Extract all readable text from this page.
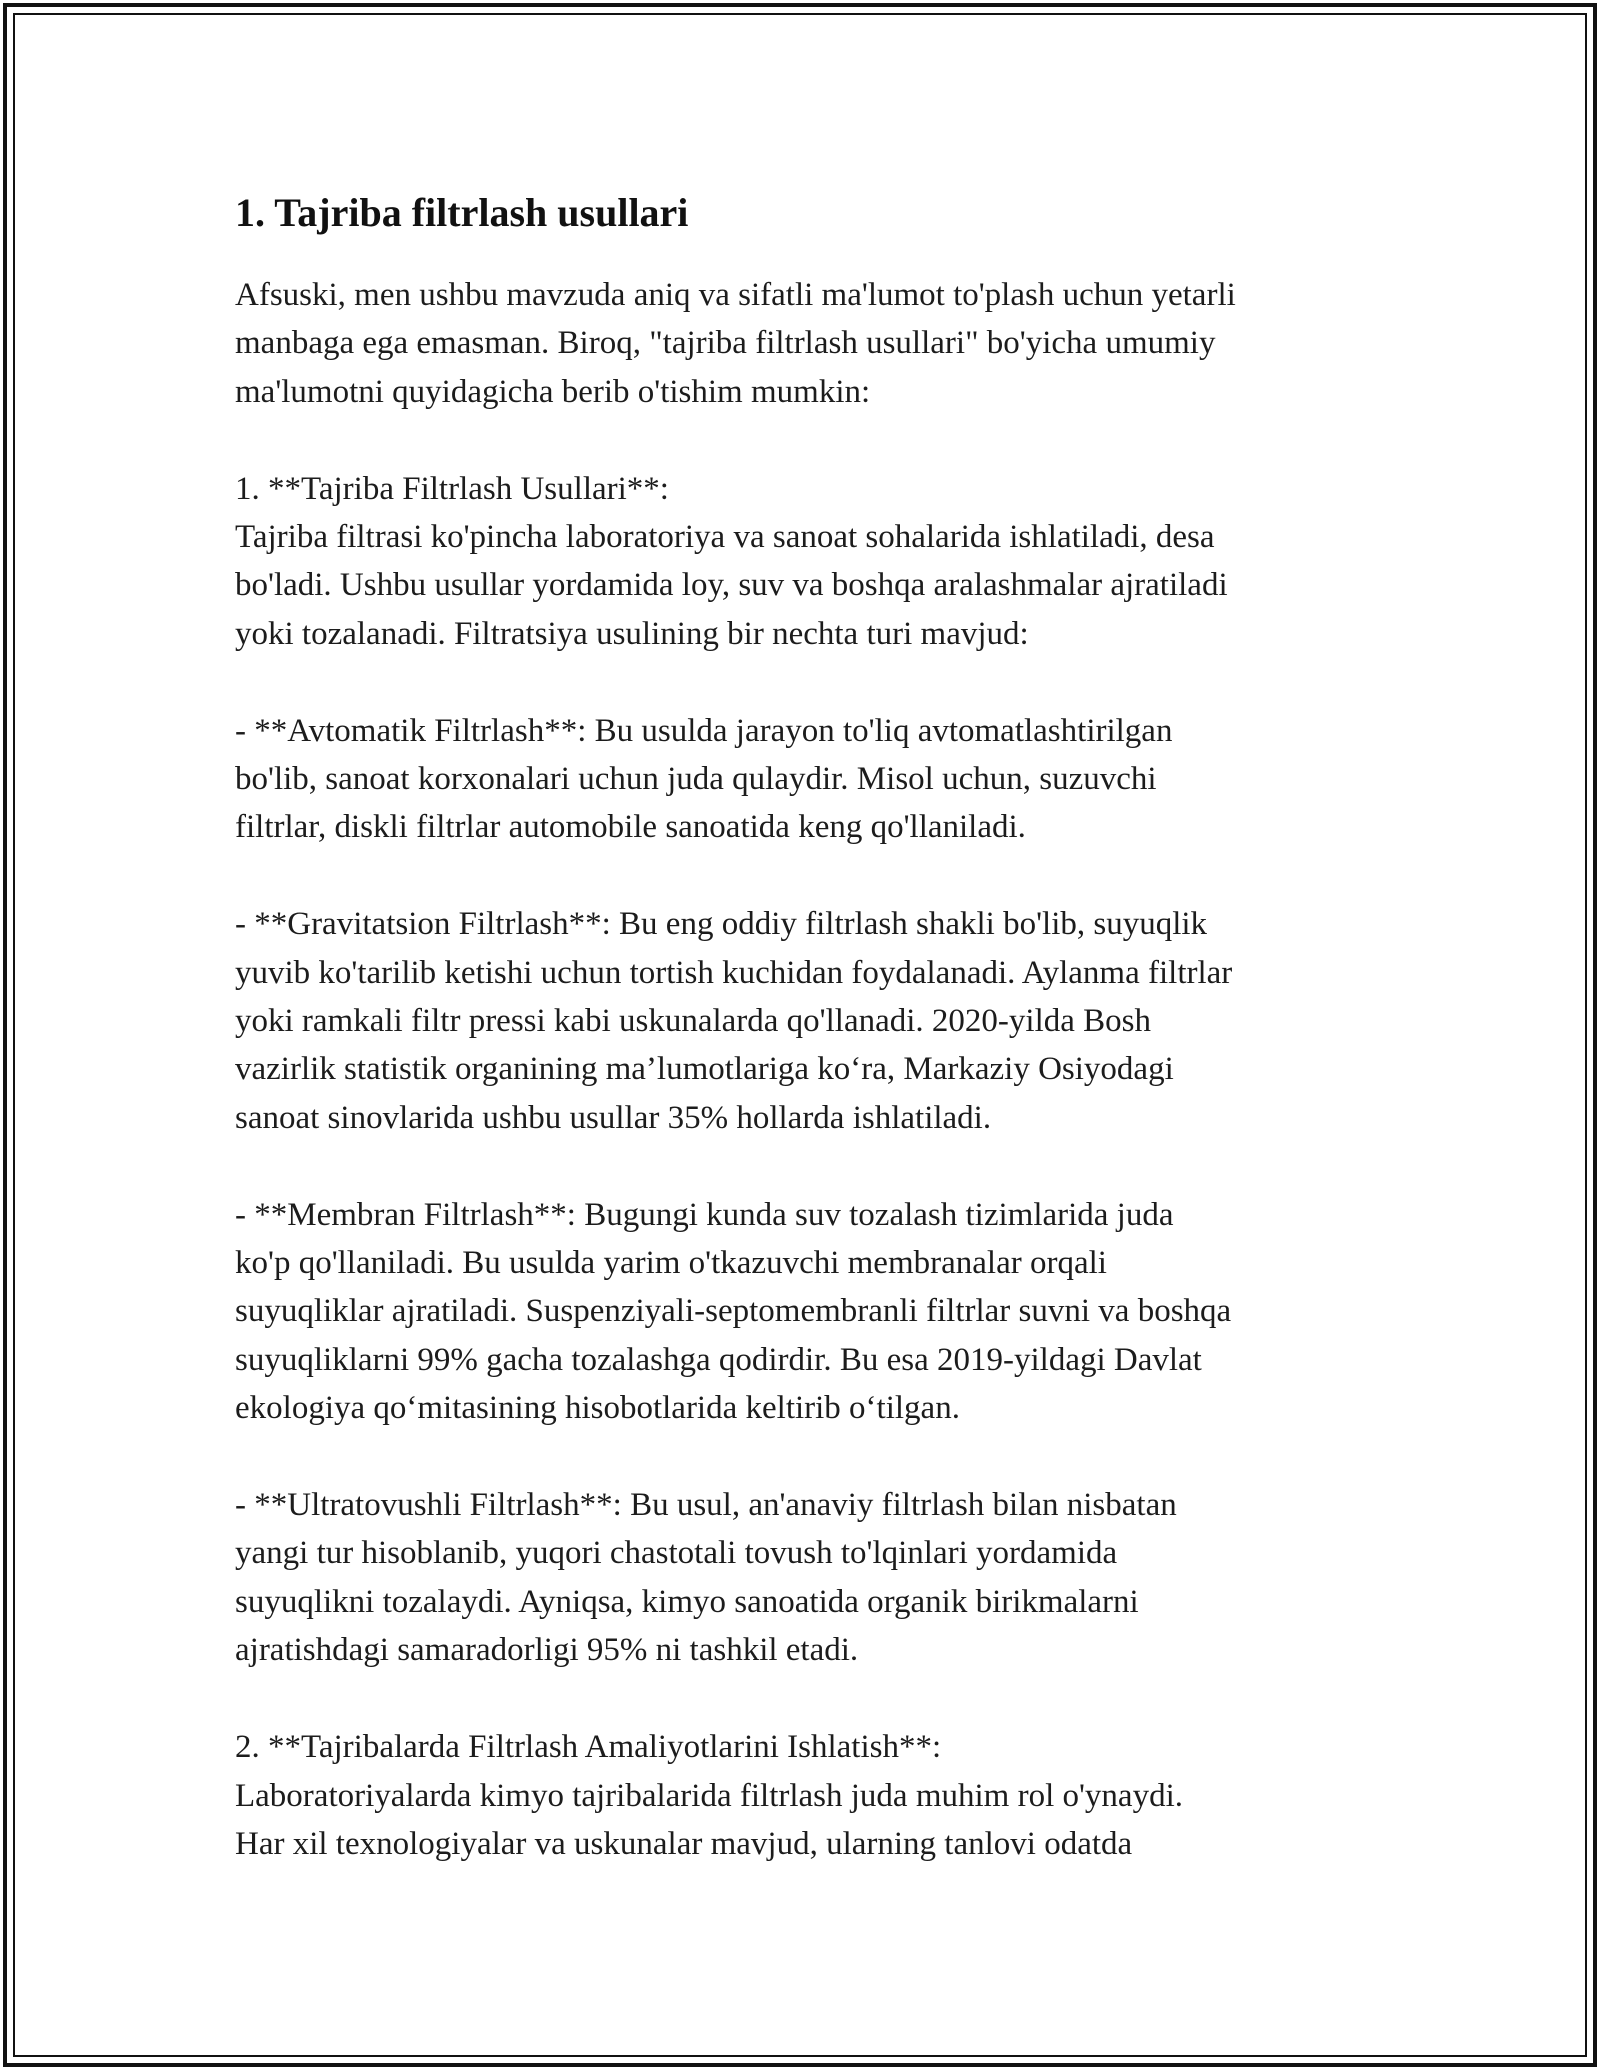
1. Tajriba filtrlash usullari

Afsuski, men ushbu mavzuda aniq va sifatli ma'lumot to'plash uchun yetarli
manbaga ega emasman. Biroq, "tajriba filtrlash usullari" bo'yicha umumiy
ma'lumotni quyidagicha berib o'tishim mumkin:

1. **Tajriba Filtrlash Usullari**:
Tajriba filtrasi ko'pincha laboratoriya va sanoat sohalarida ishlatiladi, desa
bo'ladi. Ushbu usullar yordamida loy, suv va boshqa aralashmalar ajratiladi
yoki tozalanadi. Filtratsiya usulining bir nechta turi mavjud:

- **Avtomatik Filtrlash**: Bu usulda jarayon to'liq avtomatlashtirilgan
bo'lib, sanoat korxonalari uchun juda qulaydir. Misol uchun, suzuvchi
filtrlar, diskli filtrlar automobile sanoatida keng qo'llaniladi.

- **Gravitatsion Filtrlash**: Bu eng oddiy filtrlash shakli bo'lib, suyuqlik
yuvib ko'tarilib ketishi uchun tortish kuchidan foydalanadi. Aylanma filtrlar
yoki ramkali filtr pressi kabi uskunalarda qo'llanadi. 2020-yilda Bosh
vazirlik statistik organining ma’lumotlariga ko‘ra, Markaziy Osiyodagi
sanoat sinovlarida ushbu usullar 35% hollarda ishlatiladi.

- **Membran Filtrlash**: Bugungi kunda suv tozalash tizimlarida juda
ko'p qo'llaniladi. Bu usulda yarim o'tkazuvchi membranalar orqali
suyuqliklar ajratiladi. Suspenziyali-septomembranli filtrlar suvni va boshqa
suyuqliklarni 99% gacha tozalashga qodirdir. Bu esa 2019-yildagi Davlat
ekologiya qo‘mitasining hisobotlarida keltirib o‘tilgan.

- **Ultratovushli Filtrlash**: Bu usul, an'anaviy filtrlash bilan nisbatan
yangi tur hisoblanib, yuqori chastotali tovush to'lqinlari yordamida
suyuqlikni tozalaydi. Ayniqsa, kimyo sanoatida organik birikmalarni
ajratishdagi samaradorligi 95% ni tashkil etadi.

2. **Tajribalarda Filtrlash Amaliyotlarini Ishlatish**:
Laboratoriyalarda kimyo tajribalarida filtrlash juda muhim rol o'ynaydi.
Har xil texnologiyalar va uskunalar mavjud, ularning tanlovi odatda
